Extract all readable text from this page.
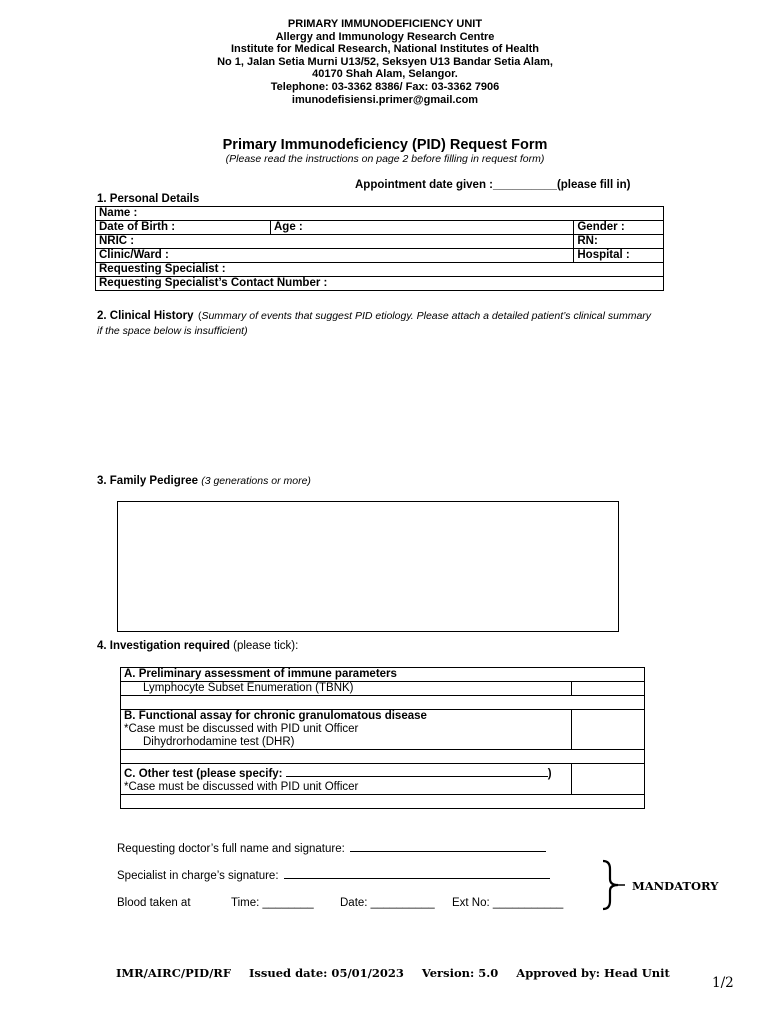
PRIMARY IMMUNODEFICIENCY UNIT
Allergy and Immunology Research Centre
Institute for Medical Research, National Institutes of Health
No 1, Jalan Setia Murni U13/52, Seksyen U13 Bandar Setia Alam,
40170 Shah Alam, Selangor.
Telephone: 03-3362 8386/ Fax: 03-3362 7906
imunodefisiensi.primer@gmail.com
Primary Immunodeficiency (PID) Request Form
(Please read the instructions on page 2 before filling in request form)
Appointment date given :__________(please fill in)
1. Personal Details
Name :		
Date of Birth :	Age :	Gender :
NRIC :		RN:
Clinic/Ward :		Hospital :
Requesting Specialist :		
Requesting Specialist’s Contact Number :		
2. Clinical History (Summary of events that suggest PID etiology. Please attach a detailed patient’s clinical summary if the space below is insufficient)
3. Family Pedigree (3 generations or more)
4. Investigation required (please tick):
A. Preliminary assessment of immune parameters	
Lymphocyte Subset Enumeration (TBNK)	

B. Functional assay for chronic granulomatous disease
*Case must be discussed with PID unit Officer
Dihydrorhodamine test (DHR)	

C. Other test (please specify: )
*Case must be discussed with PID unit Officer	

Requesting doctor’s full name and signature:
Specialist in charge’s signature:
Blood taken at	Time: ________ Date: __________ Ext No: ___________
MANDATORY
IMR/AIRC/PID/RF Issued date: 05/01/2023 Version: 5.0 Approved by: Head Unit
1/2
